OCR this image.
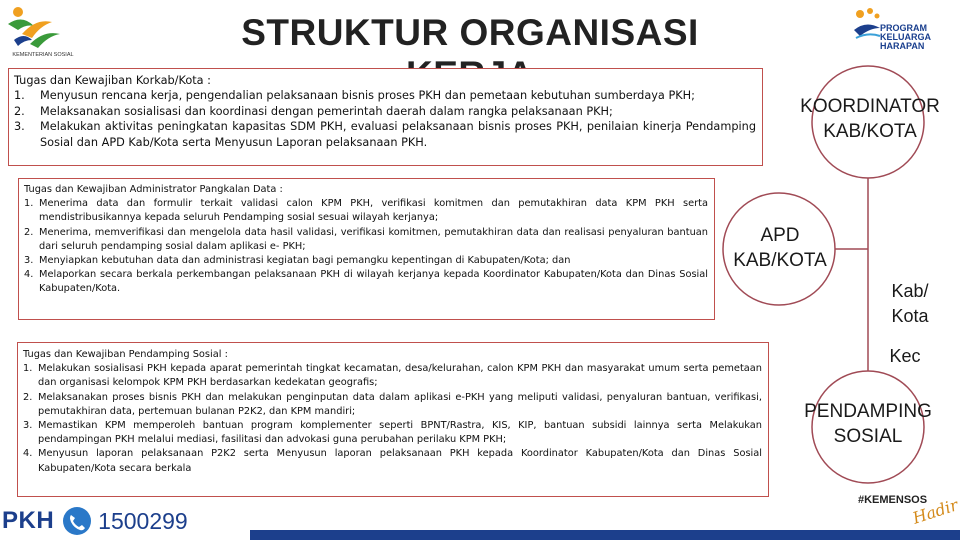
KEMENTERIAN SOSIAL
STRUKTUR ORGANISASI	PROGRAM
KELUARGA
HARAPAN
Tugas dan Kewajiban Korkab/Kota :
1. Menyusun rencana kerja, pengendalian pelaksanaan bisnis proses PKH dan pemetaan kebutuhan sumberdaya PKH;
2. Melaksanakan sosialisasi dan koordinasi dengan pemerintah daerah dalam rangka pelaksanaan PKH;
3. Melakukan aktivitas peningkatan kapasitas SDM PKH, evaluasi pelaksanaan bisnis proses PKH, penilaian kinerja Pendamping Sosial dan APD Kab/Kota serta Menyusun Laporan pelaksanaan PKH.
Tugas dan Kewajiban Administrator Pangkalan Data :
1. Menerima data dan formulir terkait validasi calon KPM PKH, verifikasi komitmen dan pemutakhiran data KPM PKH serta mendistribusikannya kepada seluruh Pendamping sosial sesuai wilayah kerjanya;
2. Menerima, memverifikasi dan mengelola data hasil validasi, verifikasi komitmen, pemutakhiran data dan realisasi penyaluran bantuan dari seluruh pendamping sosial dalam aplikasi e- PKH;
3. Menyiapkan kebutuhan data dan administrasi kegiatan bagi pemangku kepentingan di Kabupaten/Kota; dan
4. Melaporkan secara berkala perkembangan pelaksanaan PKH di wilayah kerjanya kepada Koordinator Kabupaten/Kota dan Dinas Sosial Kabupaten/Kota.
Tugas dan Kewajiban Pendamping Sosial :
1. Melakukan sosialisasi PKH kepada aparat pemerintah tingkat kecamatan, desa/kelurahan, calon KPM PKH dan masyarakat umum serta pemetaan dan organisasi kelompok KPM PKH berdasarkan kedekatan geografis;
2. Melaksanakan proses bisnis PKH dan melakukan penginputan data dalam aplikasi e-PKH yang meliputi validasi, penyaluran bantuan, verifikasi, pemutakhiran data, pertemuan bulanan P2K2, dan KPM mandiri;
3. Memastikan KPM memperoleh bantuan program komplementer seperti BPNT/Rastra, KIS, KIP, bantuan subsidi lainnya serta Melakukan pendampingan PKH melalui mediasi, fasilitasi dan advokasi guna perubahan perilaku KPM PKH;
4. Menyusun laporan pelaksanaan P2K2 serta Menyusun laporan pelaksanaan PKH kepada Koordinator Kabupaten/Kota dan Dinas Sosial Kabupaten/Kota secara berkala
KOORDINATOR
KAB/KOTA
APD
KAB/KOTA
Kab/
Kota
Kec
PENDAMPING
SOSIAL
PKH 1500299
#KEMENSOS
Hadir
